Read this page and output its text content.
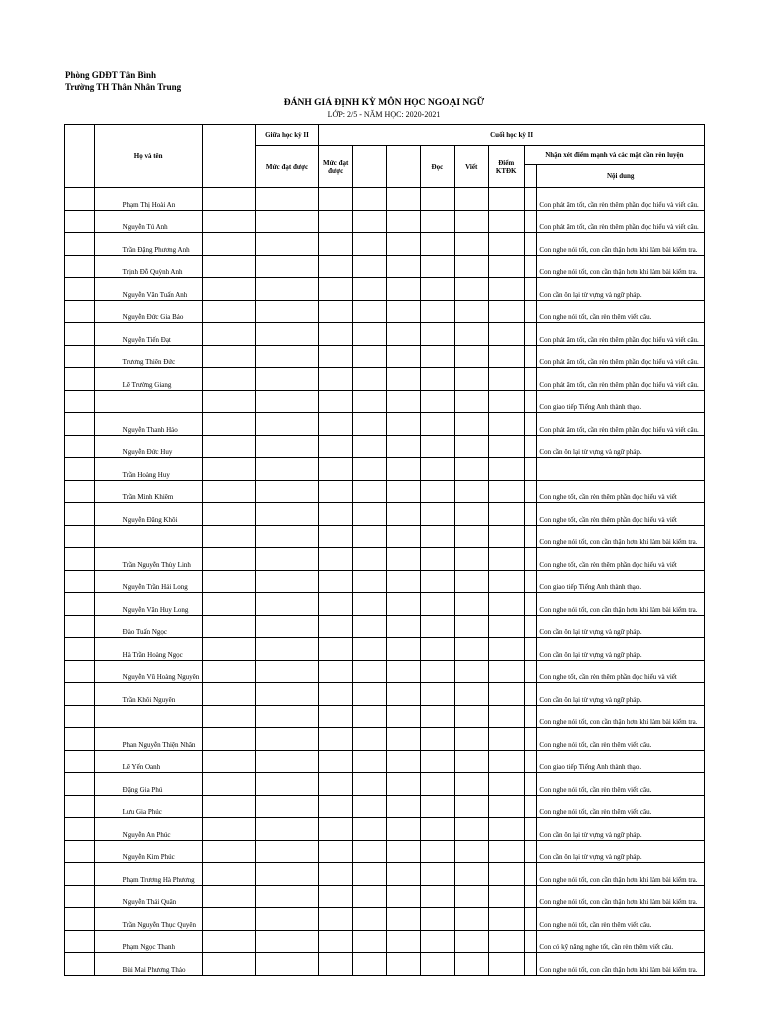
Phòng GDĐT Tân Bình
Trường TH Thân Nhân Trung
ĐÁNH GIÁ ĐỊNH KỲ MÔN HỌC NGOẠI NGỮ
LỚP: 2/5 - NĂM HỌC: 2020-2021
	Họ và tên		Giữa học kỳ II	Cuối học kỳ II							
			Mức đạt được	Mức đạt được			Đọc	Viết	Điểm KTĐK	Nhận xét điểm mạnh và các mặt cần rèn luyện	
											Nội dung
	Phạm Thị Hoài An										Con phát âm tốt, cần rèn thêm phần đọc hiểu và viết câu.
	Nguyễn Tú Anh										Con phát âm tốt, cần rèn thêm phần đọc hiểu và viết câu.
	Trần Đặng Phương Anh										Con nghe nói tốt, con cần thận hơn khi làm bài kiểm tra.
	Trịnh Đỗ Quỳnh Anh										Con nghe nói tốt, con cần thận hơn khi làm bài kiểm tra.
	Nguyễn Văn Tuấn Anh										Con cần ôn lại từ vựng và ngữ pháp.
	Nguyễn Đức Gia Bảo										Con nghe nói tốt, cần rèn thêm viết câu.
	Nguyễn Tiến Đạt										Con phát âm tốt, cần rèn thêm phần đọc hiểu và viết câu.
	Trương Thiên Đức										Con phát âm tốt, cần rèn thêm phần đọc hiểu và viết câu.
	Lê Trường Giang										Con phát âm tốt, cần rèn thêm phần đọc hiểu và viết câu.
											Con giao tiếp Tiếng Anh thành thạo.
	Nguyễn Thanh Hảo										Con phát âm tốt, cần rèn thêm phần đọc hiểu và viết câu.
	Nguyễn Đức Huy										Con cần ôn lại từ vựng và ngữ pháp.
	Trần Hoàng Huy										
	Trần Minh Khiêm										Con nghe tốt, cần rèn thêm phần đọc hiểu và viết
	Nguyễn Đăng Khôi										Con nghe tốt, cần rèn thêm phần đọc hiểu và viết
											Con nghe nói tốt, con cần thận hơn khi làm bài kiểm tra.
	Trần Nguyễn Thùy Linh										Con nghe tốt, cần rèn thêm phần đọc hiểu và viết
	Nguyễn Trần Hải Long										Con giao tiếp Tiếng Anh thành thạo.
	Nguyễn Văn Huy Long										Con nghe nói tốt, con cần thận hơn khi làm bài kiểm tra.
	Đào Tuấn Ngọc										Con cần ôn lại từ vựng và ngữ pháp.
	Hà Trần Hoàng Ngọc										Con cần ôn lại từ vựng và ngữ pháp.
	Nguyễn Vũ Hoàng Nguyên										Con nghe tốt, cần rèn thêm phần đọc hiểu và viết
	Trần Khôi Nguyên										Con cần ôn lại từ vựng và ngữ pháp.
											Con nghe nói tốt, con cần thận hơn khi làm bài kiểm tra.
	Phan Nguyễn Thiện Nhân										Con nghe nói tốt, cần rèn thêm viết câu.
	Lê Yến Oanh										Con giao tiếp Tiếng Anh thành thạo.
	Đặng Gia Phú										Con nghe nói tốt, cần rèn thêm viết câu.
	Lưu Gia Phúc										Con nghe nói tốt, cần rèn thêm viết câu.
	Nguyễn An Phúc										Con cần ôn lại từ vựng và ngữ pháp.
	Nguyễn Kim Phúc										Con cần ôn lại từ vựng và ngữ pháp.
	Phạm Trương Hà Phương										Con nghe nói tốt, con cần thận hơn khi làm bài kiểm tra.
	Nguyễn Thái Quân										Con nghe nói tốt, con cần thận hơn khi làm bài kiểm tra.
	Trần Nguyễn Thục Quyên										Con nghe nói tốt, cần rèn thêm viết câu.
	Phạm Ngọc Thanh										Con có kỹ năng nghe tốt, cần rèn thêm viết câu.
	Bùi Mai Phương Thảo										Con nghe nói tốt, con cần thận hơn khi làm bài kiểm tra.
